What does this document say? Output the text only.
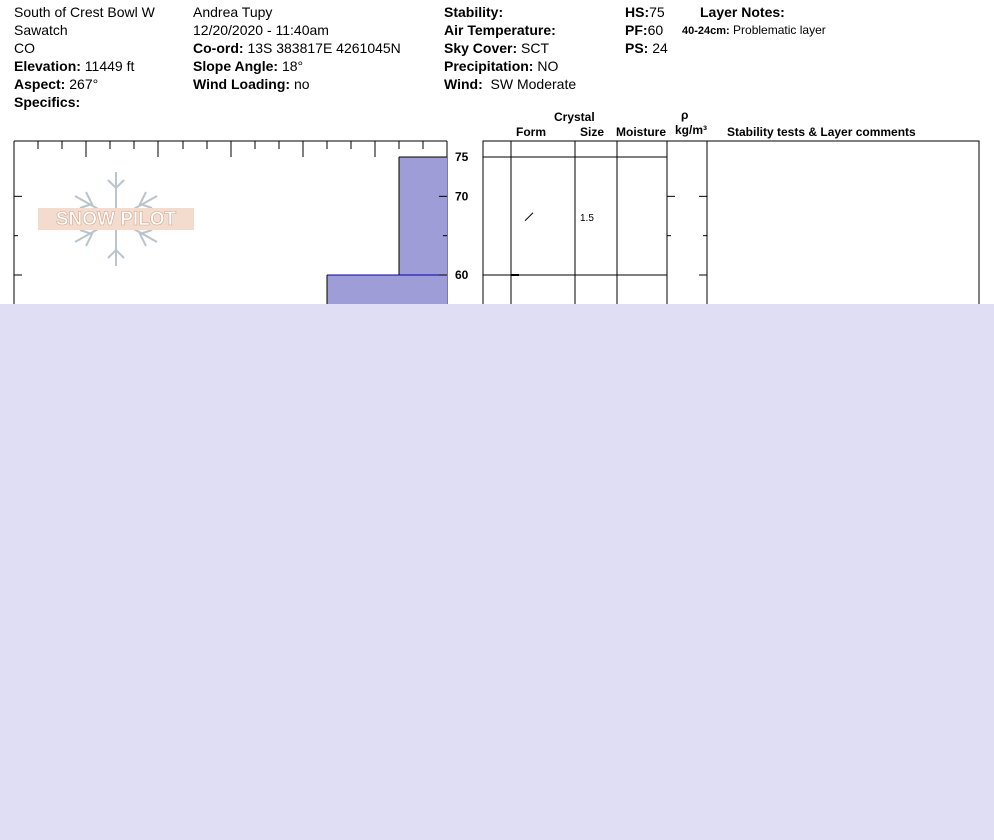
South of Crest Bowl W
Sawatch
CO
Elevation: 11449 ft
Aspect: 267°
Specifics:
Andrea Tupy
12/20/2020 - 11:40am
Co-ord: 13S 383817E 4261045N
Slope Angle: 18°
Wind Loading: no
Stability:
Air Temperature:
Sky Cover: SCT
Precipitation: NO
Wind: SW Moderate
HS:75
PF:60
PS: 24
Layer Notes:
40-24cm: Problematic layer
Crystal
Form	Size Moisture
ρ
kg/m³ Stability tests & Layer comments
SNOW PILOT
75
70
60
1.5
